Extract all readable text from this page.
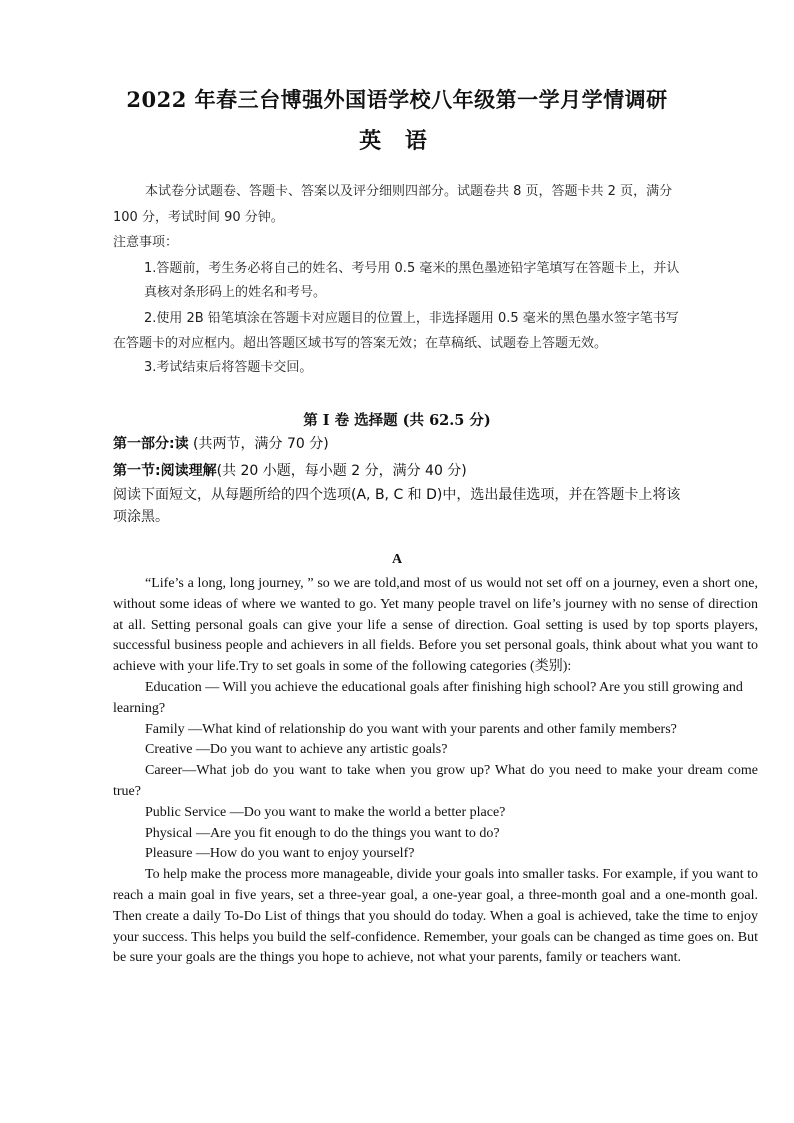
2022 年春三台博强外国语学校八年级第一学月学情调研
英 语
本试卷分试题卷、答题卡、答案以及评分细则四部分。试题卷共 8 页，答题卡共 2 页，满分
100 分，考试时间 90 分钟。
注意事项：
1.答题前，考生务必将自己的姓名、考号用 0.5 毫米的黑色墨迹铅字笔填写在答题卡上，并认
真核对条形码上的姓名和考号。
2.使用 2B 铅笔填涂在答题卡对应题目的位置上，非选择题用 0.5 毫米的黑色墨水签字笔书写
在答题卡的对应框内。超出答题区域书写的答案无效；在草稿纸、试题卷上答题无效。
3.考试结束后将答题卡交回。
第 I 卷 选择题 (共 62.5 分)
第一部分:读 (共两节，满分 70 分)
第一节:阅读理解(共 20 小题，每小题 2 分，满分 40 分)
阅读下面短文，从每题所给的四个选项(A, B, C 和 D)中，选出最佳选项，并在答题卡上将该
项涂黑。
A

“Life’s a long, long journey, ” so we are told,and most of us would not set off on a journey, even a short one, without some ideas of where we wanted to go. Yet many people travel on life’s journey with no sense of direction at all. Setting personal goals can give your life a sense of direction. Goal setting is used by top sports players, successful business people and achievers in all fields. Before you set personal goals, think about what you want to achieve with your life.Try to set goals in some of the following categories (类别):

Education — Will you achieve the educational goals after finishing high school? Are you still growing and learning?

Family —What kind of relationship do you want with your parents and other family members?

Creative —Do you want to achieve any artistic goals?

Career—What job do you want to take when you grow up? What do you need to make your dream come true?

Public Service —Do you want to make the world a better place?

Physical —Are you fit enough to do the things you want to do?

Pleasure —How do you want to enjoy yourself?

To help make the process more manageable, divide your goals into smaller tasks. For example, if you want to reach a main goal in five years, set a three-year goal, a one-year goal, a three-month goal and a one-month goal. Then create a daily To-Do List of things that you should do today. When a goal is achieved, take the time to enjoy your success. This helps you build the self-confidence. Remember, your goals can be changed as time goes on. But be sure your goals are the things you hope to achieve, not what your parents, family or teachers want.
